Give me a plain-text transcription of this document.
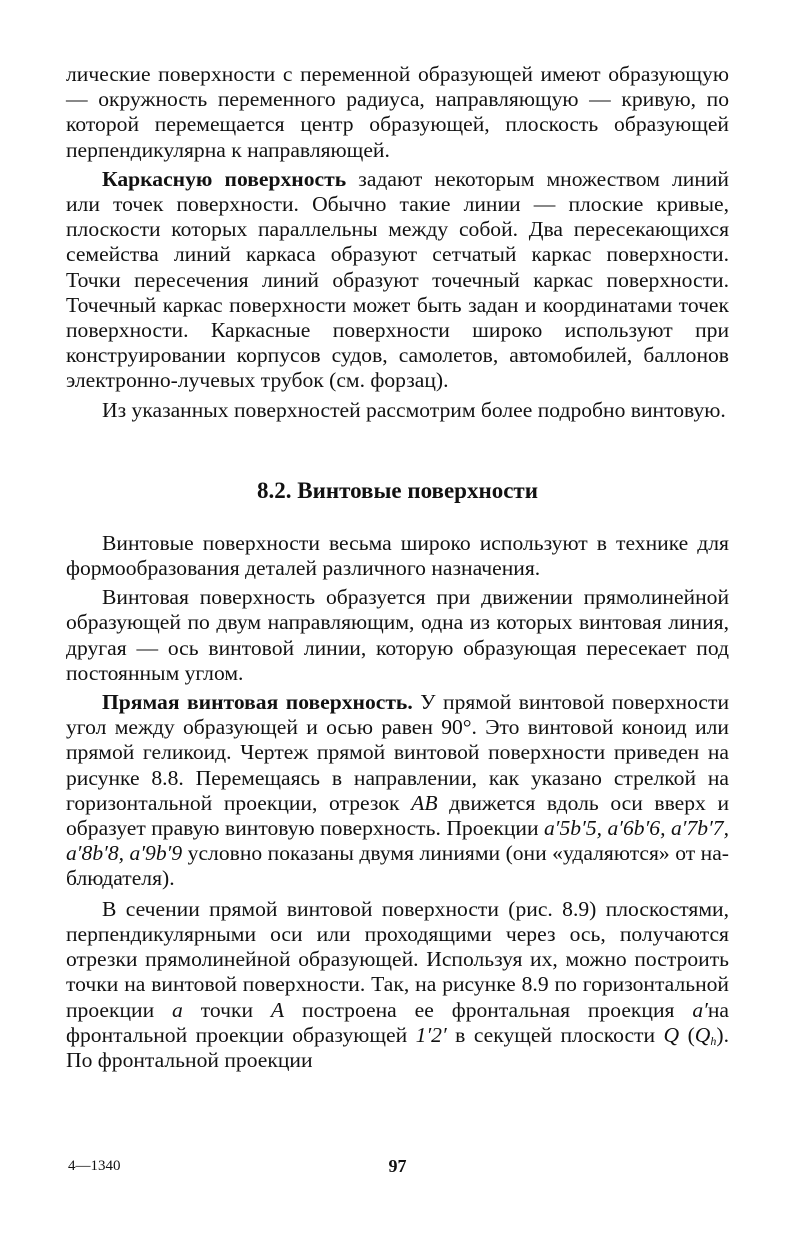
лические поверхности с переменной образующей имеют образующую — окружность переменного радиуса, направляющую — кривую, по которой перемещается центр образующей, плоскость образующей перпендикулярна к направляющей.

Каркасную поверхность задают некоторым множеством линий или точек поверхности. Обычно такие линии — плоские кривые, плоскости которых параллельны между собой. Два пересекающихся семейства линий каркаса образуют сетчатый каркас поверхности. Точки пересечения линий образуют точечный каркас поверхности. Точечный каркас поверхности может быть задан и координатами точек поверхности. Каркасные поверхности широко используют при конструировании корпусов судов, самолетов, автомобилей, баллонов электронно-лучевых трубок (см. форзац).

Из указанных поверхностей рассмотрим более подробно винтовую.

8.2. Винтовые поверхности

Винтовые поверхности весьма широко используют в технике для формообразования деталей различного назначения.

Винтовая поверхность образуется при движении прямолинейной образующей по двум направляющим, одна из которых винтовая линия, другая — ось винтовой линии, которую образующая пересекает под постоянным углом.

Прямая винтовая поверхность. У прямой винтовой поверхности угол между образующей и осью равен 90°. Это винтовой коноид или прямой геликоид. Чертеж прямой винтовой поверхности приведен на рисунке 8.8. Перемещаясь в направлении, как указано стрелкой на горизонтальной проекции, отрезок AB движется вдоль оси вверх и образует правую винтовую поверхность. Проекции a′5b′5, a′6b′6, a′7b′7, a′8b′8, a′9b′9 условно показаны двумя линиями (они «удаляются» от наблюдателя).

В сечении прямой винтовой поверхности (рис. 8.9) плоскостями, перпендикулярными оси или проходящими через ось, получаются отрезки прямолинейной образующей. Используя их, можно построить точки на винтовой поверхности. Так, на рисунке 8.9 по горизонтальной проекции a точки A построена ее фронтальная проекция a′на фронтальной проекции образующей 1′2′ в секущей плоскости Q $(Q_h)$. По фронтальной проекции

4—1340	97
